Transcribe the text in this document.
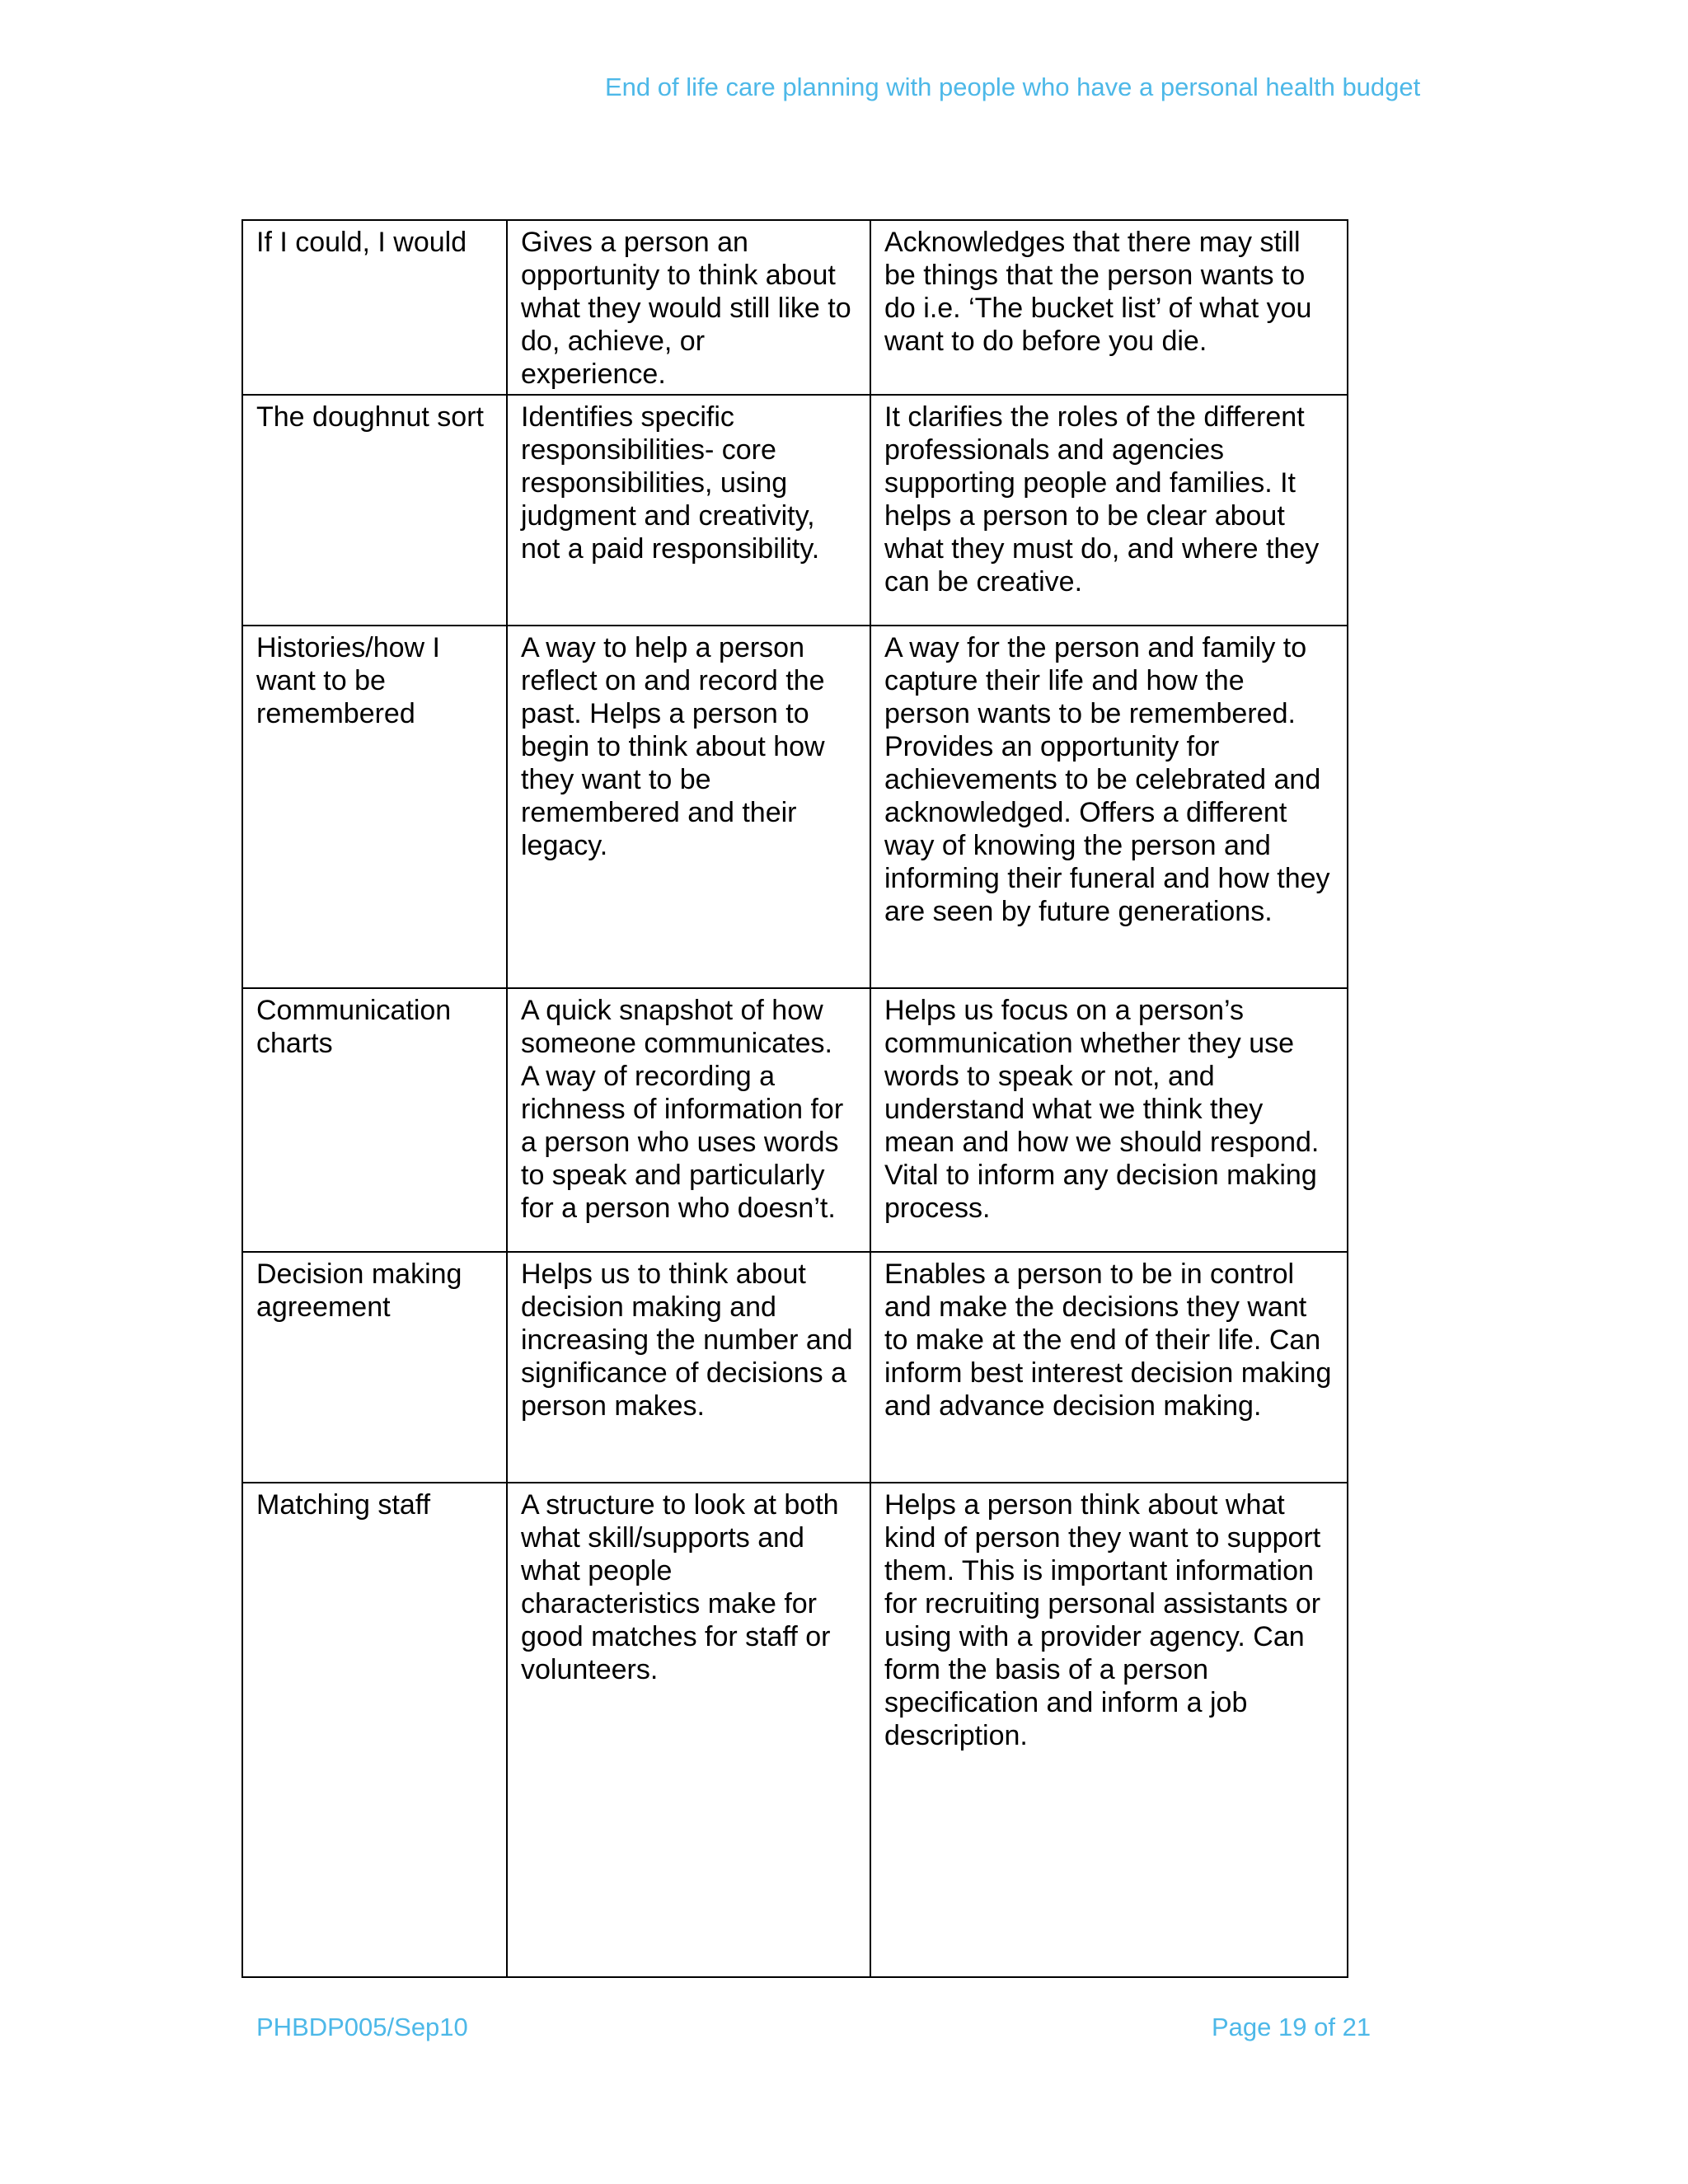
End of life care planning with people who have a personal health budget
If I could, I would	Gives a person an opportunity to think about what they would still like to do, achieve, or experience.	Acknowledges that there may still be things that the person wants to do i.e. ‘The bucket list’ of what you want to do before you die.
The doughnut sort	Identifies specific responsibilities- core responsibilities, using judgment and creativity, not a paid responsibility.	It clarifies the roles of the different professionals and agencies supporting people and families. It helps a person to be clear about what they must do, and where they can be creative.
Histories/how I want to be remembered	A way to help a person reflect on and record the past. Helps a person to begin to think about how they want to be remembered and their legacy.	A way for the person and family to capture their life and how the person wants to be remembered. Provides an opportunity for achievements to be celebrated and acknowledged. Offers a different way of knowing the person and informing their funeral and how they are seen by future generations.
Communication charts	A quick snapshot of how someone communicates. A way of recording a richness of information for a person who uses words to speak and particularly for a person who doesn’t.	Helps us focus on a person’s communication whether they use words to speak or not, and understand what we think they mean and how we should respond. Vital to inform any decision making process.
Decision making agreement	Helps us to think about decision making and increasing the number and significance of decisions a person makes.	Enables a person to be in control and make the decisions they want to make at the end of their life. Can inform best interest decision making and advance decision making.
Matching staff	A structure to look at both what skill/supports and what people characteristics make for good matches for staff or volunteers.	Helps a person think about what kind of person they want to support them. This is important information for recruiting personal assistants or using with a provider agency. Can form the basis of a person specification and inform a job description.
PHBDP005/Sep10	Page 19 of 21
